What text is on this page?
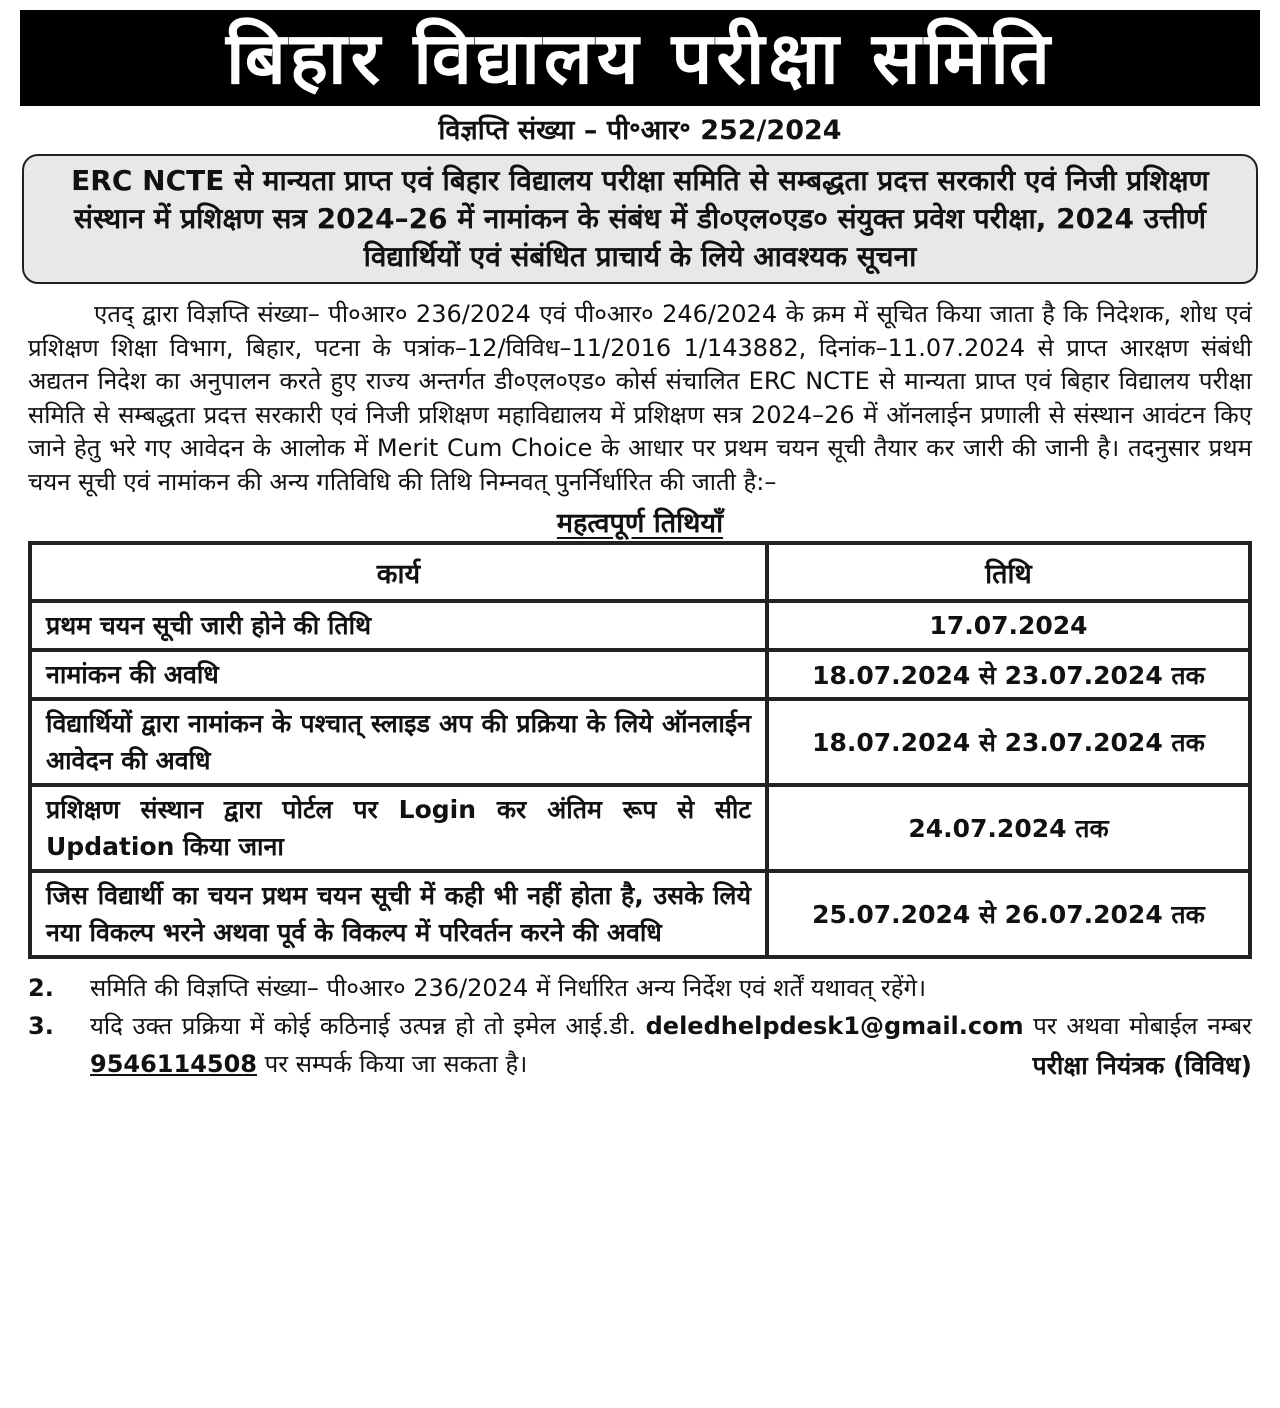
बिहार विद्यालय परीक्षा समिति
विज्ञप्ति संख्या – पी॰आर॰ 252/2024
ERC NCTE से मान्यता प्राप्त एवं बिहार विद्यालय परीक्षा समिति से सम्बद्धता प्रदत्त सरकारी एवं निजी प्रशिक्षण संस्थान में प्रशिक्षण सत्र 2024–26 में नामांकन के संबंध में डी०एल०एड० संयुक्त प्रवेश परीक्षा, 2024 उत्तीर्ण विद्यार्थियों एवं संबंधित प्राचार्य के लिये आवश्यक सूचना
एतद् द्वारा विज्ञप्ति संख्या– पी०आर० 236/2024 एवं पी०आर० 246/2024 के क्रम में सूचित किया जाता है कि निदेशक, शोध एवं प्रशिक्षण शिक्षा विभाग, बिहार, पटना के पत्रांक–12/विविध–11/2016 1/143882, दिनांक–11.07.2024 से प्राप्त आरक्षण संबंधी अद्यतन निदेश का अनुपालन करते हुए राज्य अन्तर्गत डी०एल०एड० कोर्स संचालित ERC NCTE से मान्यता प्राप्त एवं बिहार विद्यालय परीक्षा समिति से सम्बद्धता प्रदत्त सरकारी एवं निजी प्रशिक्षण महाविद्यालय में प्रशिक्षण सत्र 2024–26 में ऑनलाईन प्रणाली से संस्थान आवंटन किए जाने हेतु भरे गए आवेदन के आलोक में Merit Cum Choice के आधार पर प्रथम चयन सूची तैयार कर जारी की जानी है। तदनुसार प्रथम चयन सूची एवं नामांकन की अन्य गतिविधि की तिथि निम्नवत् पुनर्निर्धारित की जाती है:–
महत्वपूर्ण तिथियाँ
कार्य	तिथि
प्रथम चयन सूची जारी होने की तिथि	17.07.2024
नामांकन की अवधि	18.07.2024 से 23.07.2024 तक
विद्यार्थियों द्वारा नामांकन के पश्चात् स्लाइड अप की प्रक्रिया के लिये ऑनलाईन आवेदन की अवधि	18.07.2024 से 23.07.2024 तक
प्रशिक्षण संस्थान द्वारा पोर्टल पर Login कर अंतिम रूप से सीट Updation किया जाना	24.07.2024 तक
जिस विद्यार्थी का चयन प्रथम चयन सूची में कही भी नहीं होता है, उसके लिये नया विकल्प भरने अथवा पूर्व के विकल्प में परिवर्तन करने की अवधि	25.07.2024 से 26.07.2024 तक
2.	समिति की विज्ञप्ति संख्या– पी०आर० 236/2024 में निर्धारित अन्य निर्देश एवं शर्तें यथावत् रहेंगे।
3.	यदि उक्त प्रक्रिया में कोई कठिनाई उत्पन्न हो तो इमेल आई.डी. deledhelpdesk1@gmail.com पर अथवा मोबाईल नम्बर 9546114508 पर सम्पर्क किया जा सकता है।	परीक्षा नियंत्रक (विविध)
